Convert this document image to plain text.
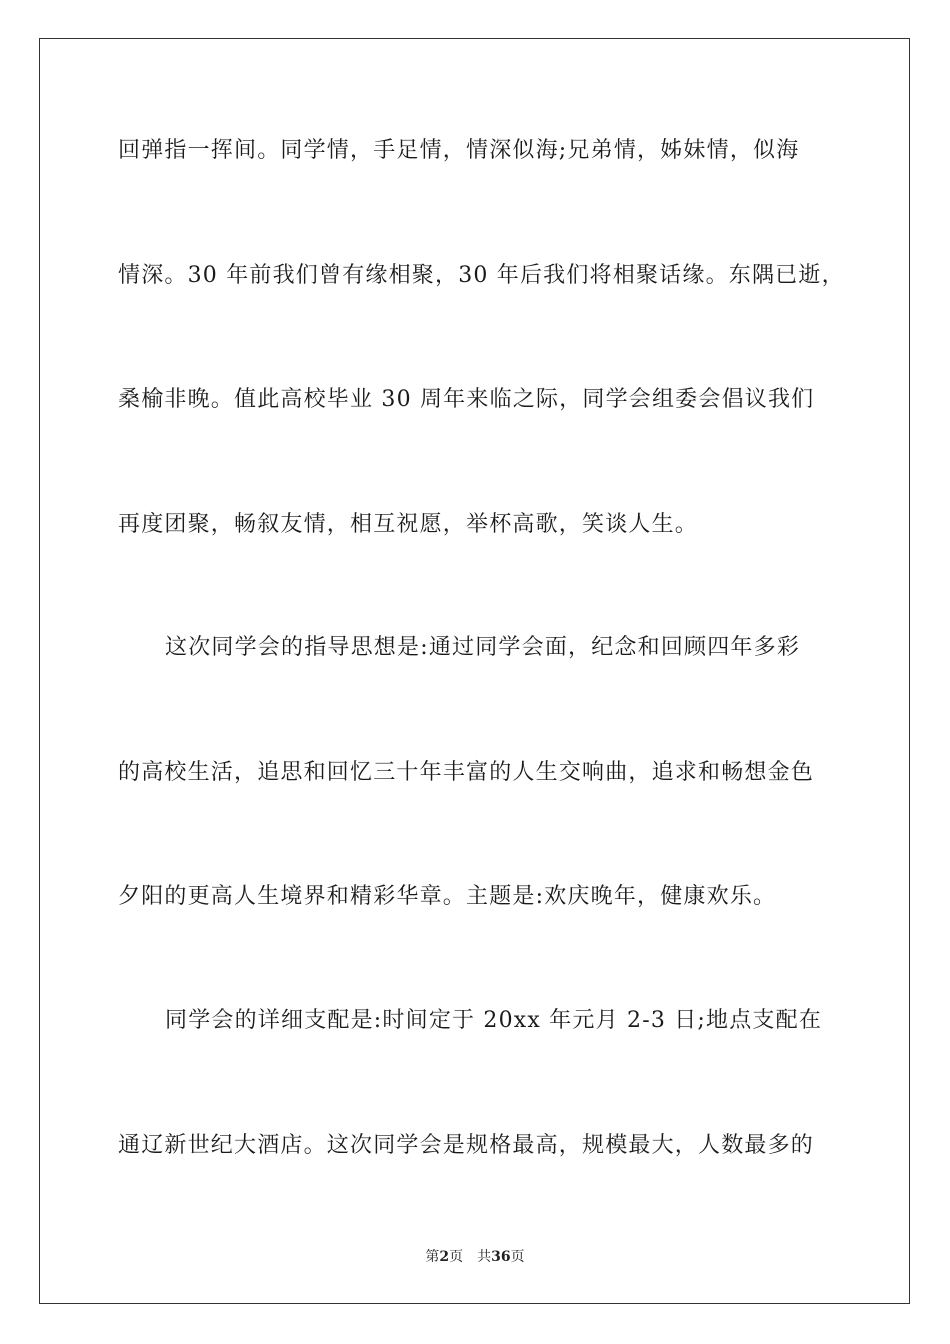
回弹指一挥间。同学情，手足情，情深似海;兄弟情，姊妹情，似海
情深。30 年前我们曾有缘相聚，30 年后我们将相聚话缘。东隅已逝，
桑榆非晚。值此高校毕业 30 周年来临之际，同学会组委会倡议我们
再度团聚，畅叙友情，相互祝愿，举杯高歌，笑谈人生。
这次同学会的指导思想是:通过同学会面，纪念和回顾四年多彩
的高校生活，追思和回忆三十年丰富的人生交响曲，追求和畅想金色
夕阳的更高人生境界和精彩华章。主题是:欢庆晚年，健康欢乐。
同学会的详细支配是:时间定于 20xx 年元月 2-3 日;地点支配在
通辽新世纪大酒店。这次同学会是规格最高，规模最大，人数最多的
第2页 共36页
